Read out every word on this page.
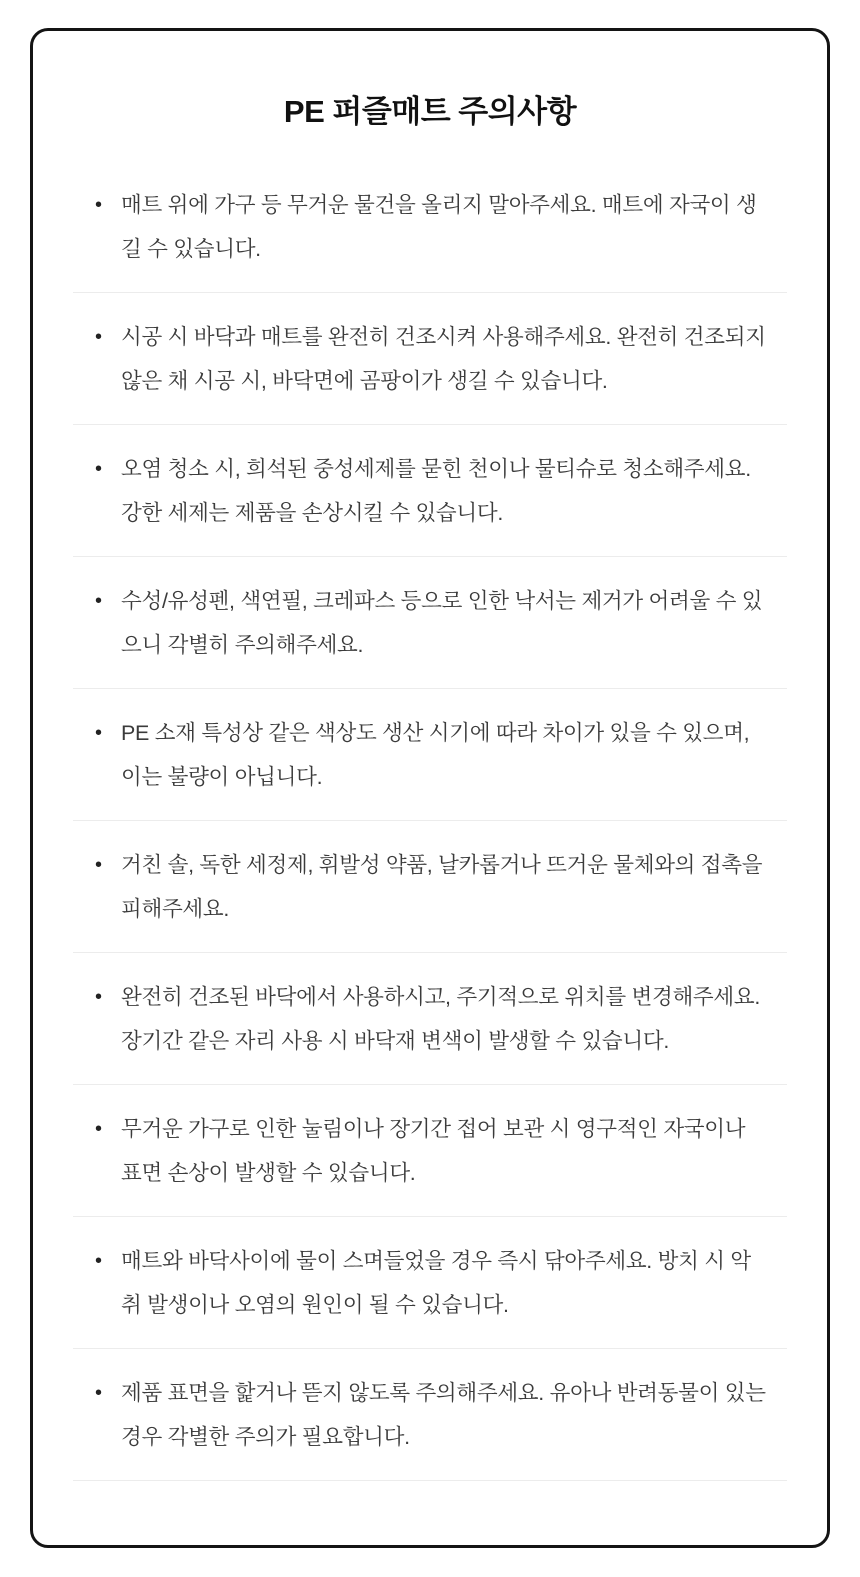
PE 퍼즐매트 주의사항
• 매트 위에 가구 등 무거운 물건을 올리지 말아주세요. 매트에 자국이 생길 수 있습니다.
• 시공 시 바닥과 매트를 완전히 건조시켜 사용해주세요. 완전히 건조되지 않은 채 시공 시, 바닥면에 곰팡이가 생길 수 있습니다.
• 오염 청소 시, 희석된 중성세제를 묻힌 천이나 물티슈로 청소해주세요. 강한 세제는 제품을 손상시킬 수 있습니다.
• 수성/유성펜, 색연필, 크레파스 등으로 인한 낙서는 제거가 어려울 수 있으니 각별히 주의해주세요.
• PE 소재 특성상 같은 색상도 생산 시기에 따라 차이가 있을 수 있으며, 이는 불량이 아닙니다.
• 거친 솔, 독한 세정제, 휘발성 약품, 날카롭거나 뜨거운 물체와의 접촉을 피해주세요.
• 완전히 건조된 바닥에서 사용하시고, 주기적으로 위치를 변경해주세요. 장기간 같은 자리 사용 시 바닥재 변색이 발생할 수 있습니다.
• 무거운 가구로 인한 눌림이나 장기간 접어 보관 시 영구적인 자국이나 표면 손상이 발생할 수 있습니다.
• 매트와 바닥사이에 물이 스며들었을 경우 즉시 닦아주세요. 방치 시 악취 발생이나 오염의 원인이 될 수 있습니다.
• 제품 표면을 핥거나 뜯지 않도록 주의해주세요. 유아나 반려동물이 있는 경우 각별한 주의가 필요합니다.
